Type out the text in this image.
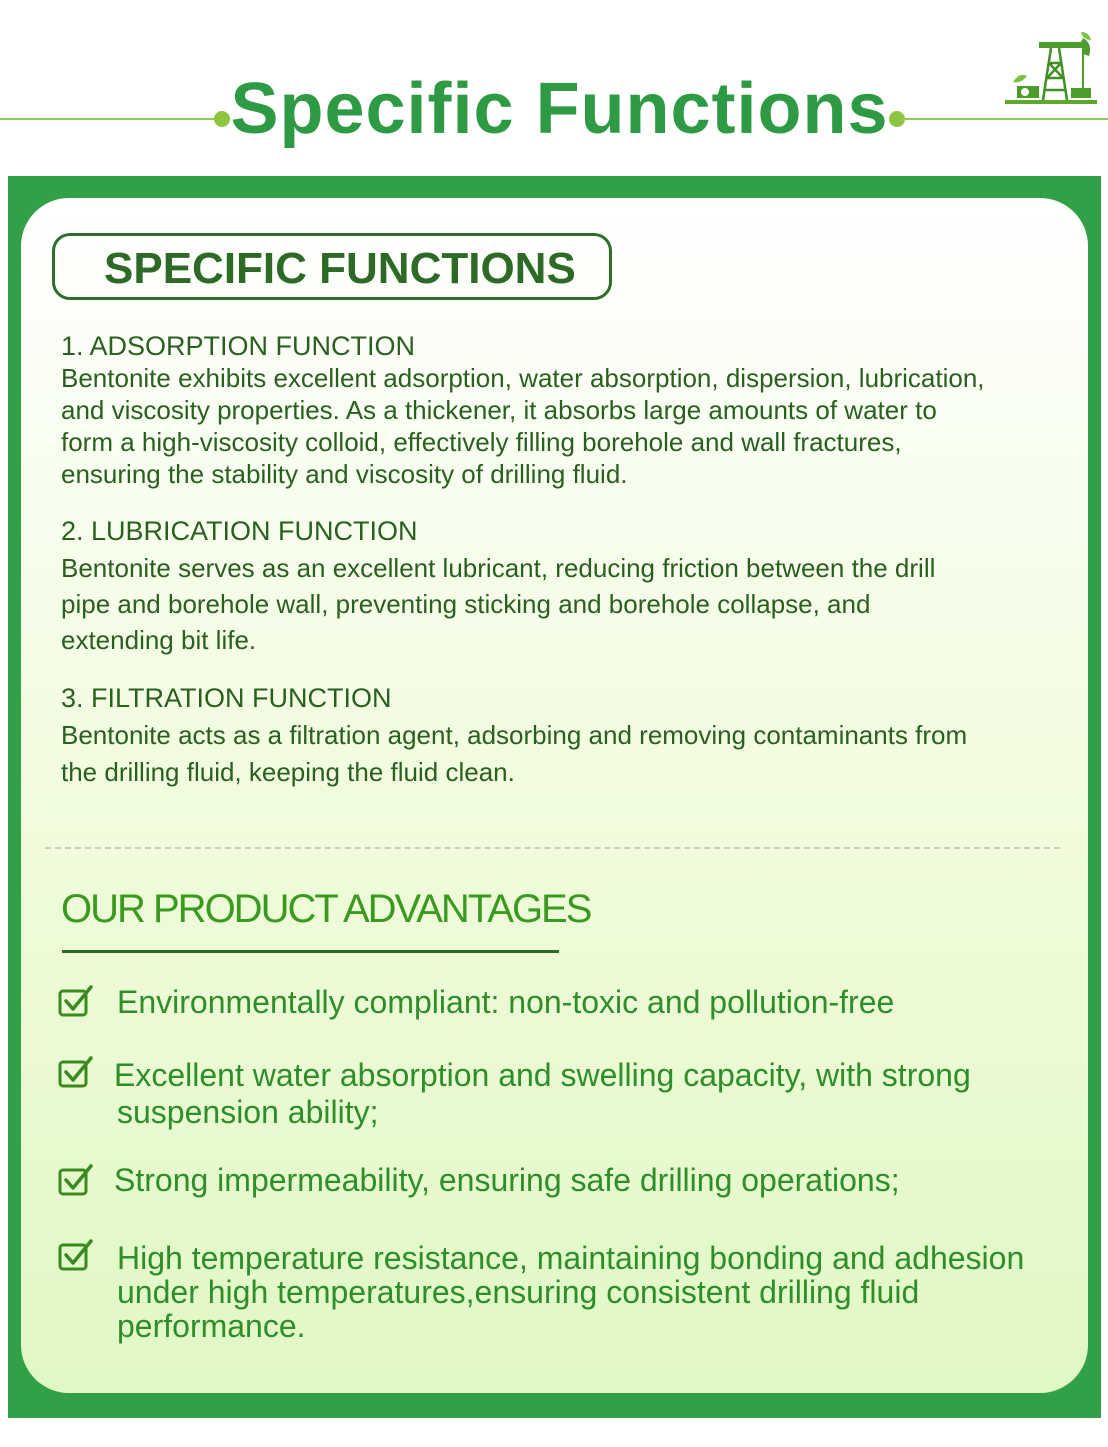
Specific Functions
SPECIFIC FUNCTIONS
1. ADSORPTION FUNCTION
Bentonite exhibits excellent adsorption, water absorption, dispersion, lubrication,
and viscosity properties. As a thickener, it absorbs large amounts of water to
form a high-viscosity colloid, effectively filling borehole and wall fractures,
ensuring the stability and viscosity of drilling fluid.
2. LUBRICATION FUNCTION
Bentonite serves as an excellent lubricant, reducing friction between the drill
pipe and borehole wall, preventing sticking and borehole collapse, and
extending bit life.
3. FILTRATION FUNCTION
Bentonite acts as a filtration agent, adsorbing and removing contaminants from
the drilling fluid, keeping the fluid clean.
OUR PRODUCT ADVANTAGES
Environmentally compliant: non-toxic and pollution-free
Excellent water absorption and swelling capacity, with strong
suspension ability;
Strong impermeability, ensuring safe drilling operations;
High temperature resistance, maintaining bonding and adhesion
under high temperatures,ensuring consistent drilling fluid
performance.
